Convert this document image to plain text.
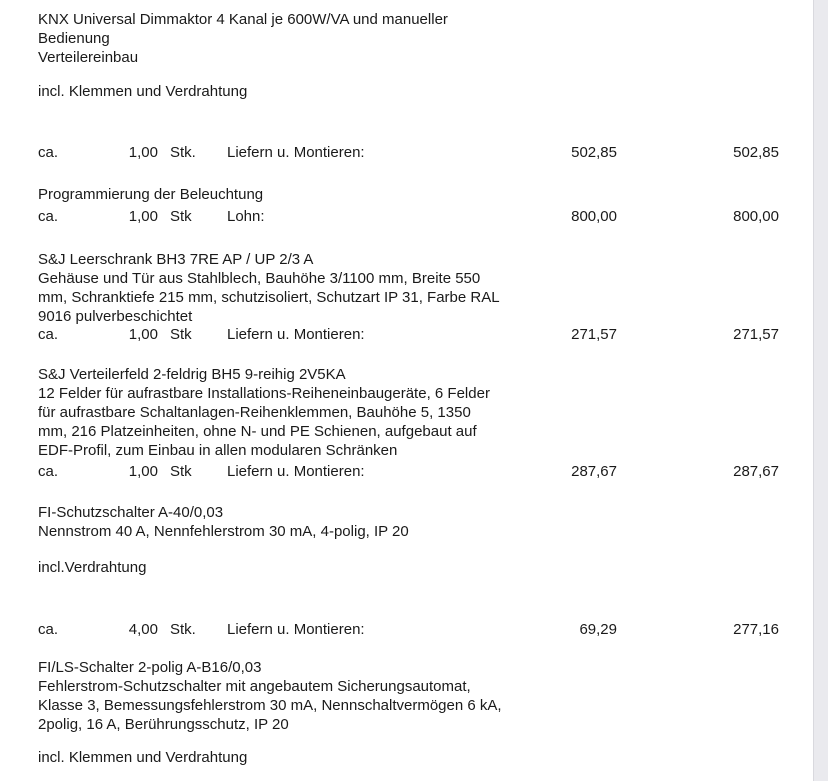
KNX Universal Dimmaktor 4 Kanal je 600W/VA und manueller
Bedienung
Verteilereinbau
incl. Klemmen und Verdrahtung
ca.	1,00 Stk. Liefern u. Montieren:	502,85	502,85
Programmierung der Beleuchtung
ca.	1,00 Stk Lohn:	800,00	800,00
S&J Leerschrank BH3 7RE AP / UP 2/3 A
Gehäuse und Tür aus Stahlblech, Bauhöhe 3/1100 mm, Breite 550
mm, Schranktiefe 215 mm, schutzisoliert, Schutzart IP 31, Farbe RAL
9016 pulverbeschichtet
ca.	1,00 Stk Liefern u. Montieren:	271,57	271,57
S&J Verteilerfeld 2-feldrig BH5 9-reihig 2V5KA
12 Felder für aufrastbare Installations-Reiheneinbaugeräte, 6 Felder
für aufrastbare Schaltanlagen-Reihenklemmen, Bauhöhe 5, 1350
mm, 216 Platzeinheiten, ohne N- und PE Schienen, aufgebaut auf
EDF-Profil, zum Einbau in allen modularen Schränken
ca.	1,00 Stk Liefern u. Montieren:	287,67	287,67
FI-Schutzschalter A-40/0,03
Nennstrom 40 A, Nennfehlerstrom 30 mA, 4-polig, IP 20
incl.Verdrahtung
ca.	4,00 Stk. Liefern u. Montieren:	69,29	277,16
FI/LS-Schalter 2-polig A-B16/0,03
Fehlerstrom-Schutzschalter mit angebautem Sicherungsautomat,
Klasse 3, Bemessungsfehlerstrom 30 mA, Nennschaltvermögen 6 kA,
2polig, 16 A, Berührungsschutz, IP 20
incl. Klemmen und Verdrahtung
